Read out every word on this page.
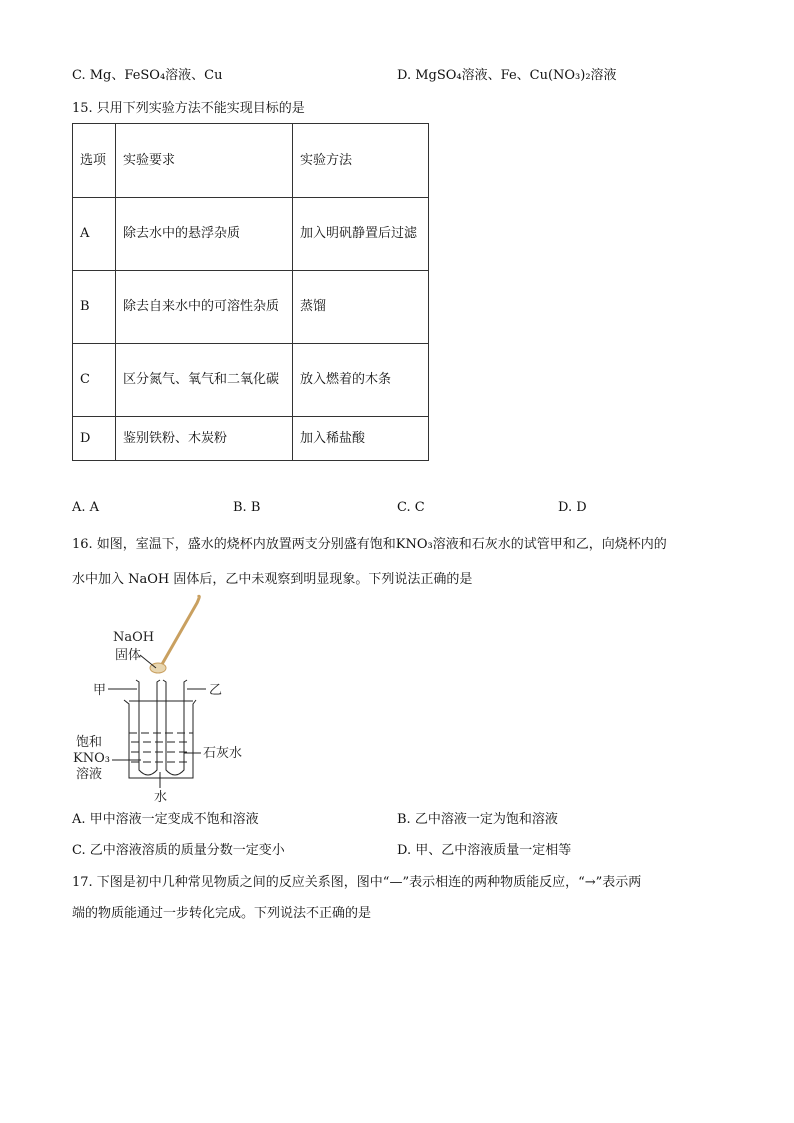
C. Mg、FeSO₄溶液、Cu	D. MgSO₄溶液、Fe、Cu(NO₃)₂溶液
15. 只用下列实验方法不能实现目标的是
选项	实验要求	实验方法
A	除去水中的悬浮杂质	加入明矾静置后过滤
B	除去自来水中的可溶性杂质	蒸馏
C	区分氮气、氧气和二氧化碳	放入燃着的木条
D	鉴别铁粉、木炭粉	加入稀盐酸
A. A	B. B	C. C	D. D
16. 如图，室温下，盛水的烧杯内放置两支分别盛有饱和KNO₃溶液和石灰水的试管甲和乙，向烧杯内的
水中加入 NaOH 固体后，乙中未观察到明显现象。下列说法正确的是
NaOH
固体
甲	乙
饱和
KNO₃
溶液
石灰水
水
A. 甲中溶液一定变成不饱和溶液	B. 乙中溶液一定为饱和溶液
C. 乙中溶液溶质的质量分数一定变小	D. 甲、乙中溶液质量一定相等
17. 下图是初中几种常见物质之间的反应关系图，图中“—”表示相连的两种物质能反应，“→”表示两
端的物质能通过一步转化完成。下列说法不正确的是
